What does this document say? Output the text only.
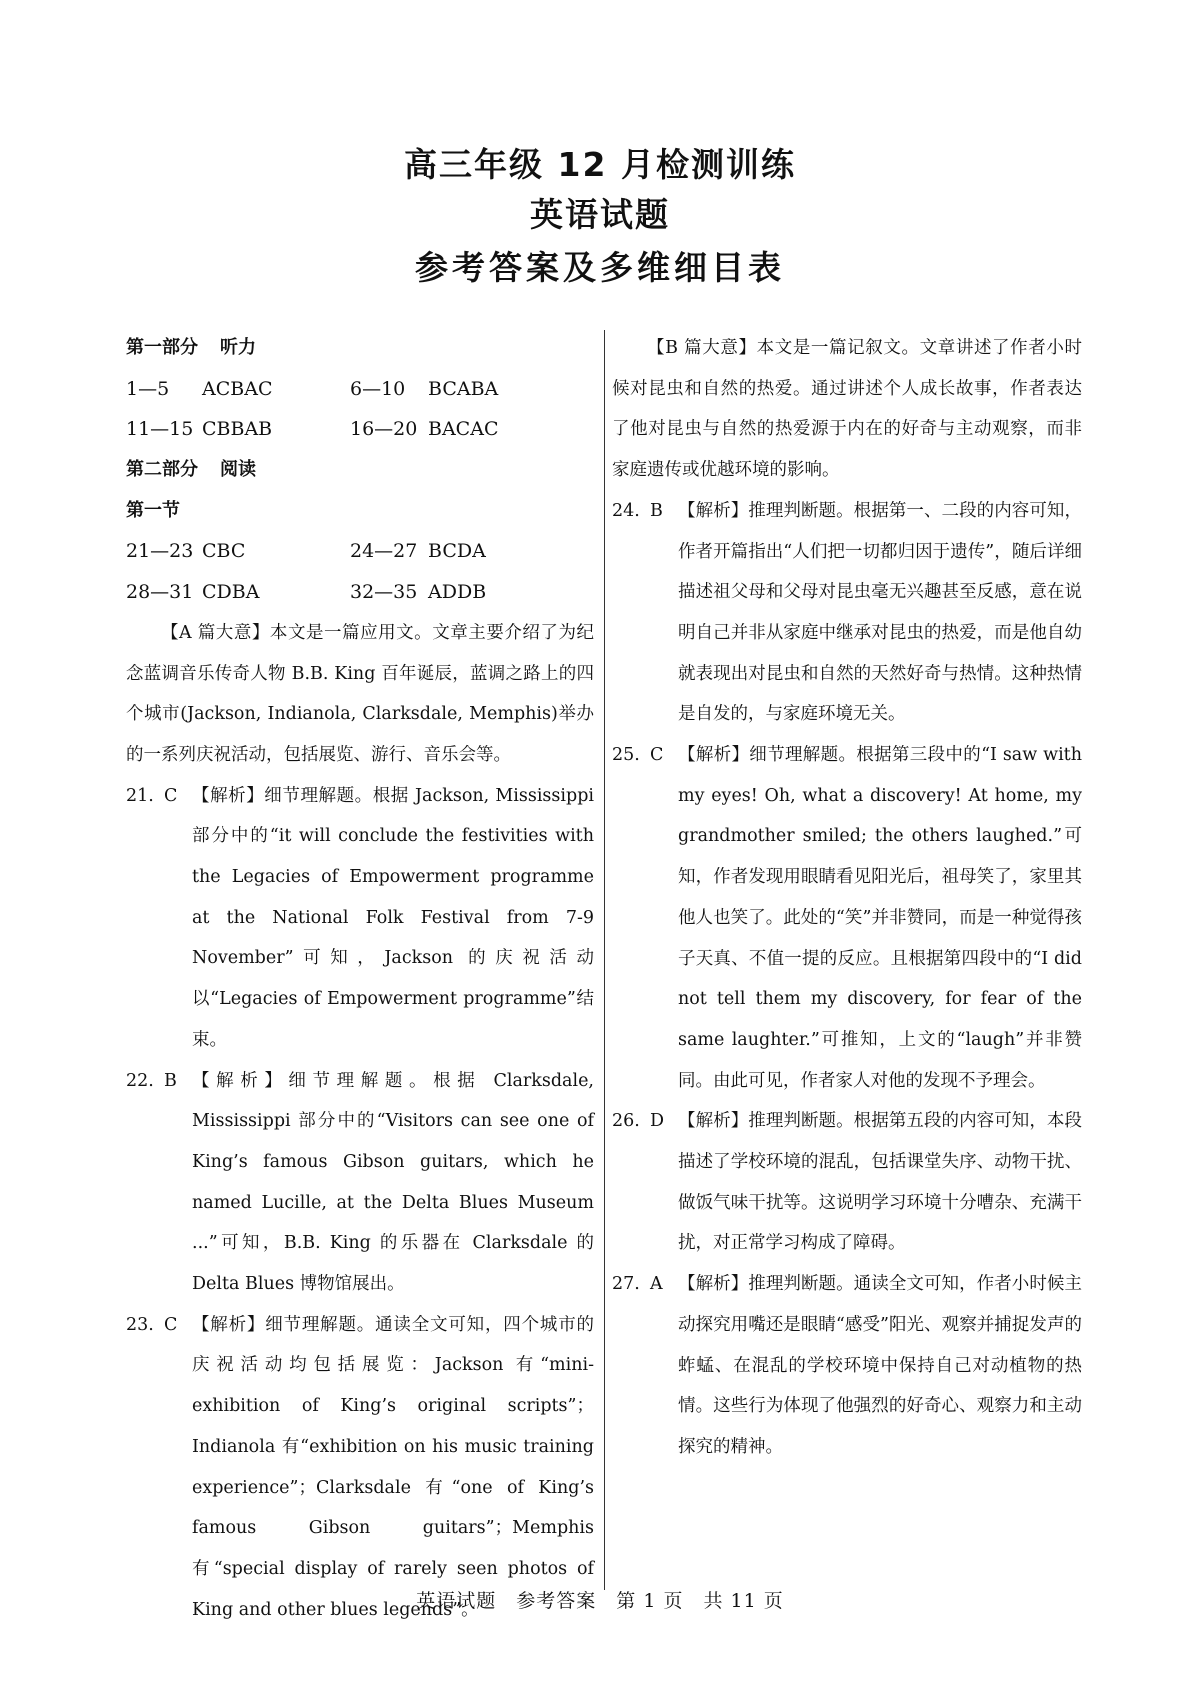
高三年级 12 月检测训练
英语试题
参考答案及多维细目表
第一部分 听力
1—5 ACBAC	6—10 BCABA
11—15 CBBAB	16—20 BACAC
第二部分 阅读
第一节
21—23 CBC	24—27 BCDA
28—31 CDBA	32—35 ADDB

【A 篇大意】本文是一篇应用文。文章主要介绍了为纪念蓝调音乐传奇人物 B.B. King 百年诞辰，蓝调之路上的四个城市(Jackson, Indianola, Clarksdale, Memphis)举办的一系列庆祝活动，包括展览、游行、音乐会等。

21. C 【解析】细节理解题。根据 Jackson, Mississippi 部分中的“it will conclude the festivities with the Legacies of Empowerment programme at the National Folk Festival from 7-9 November”可知，Jackson 的庆祝活动以“Legacies of Empowerment programme”结束。

22. B 【解析】细节理解题。根据 Clarksdale, Mississippi 部分中的“Visitors can see one of King’s famous Gibson guitars, which he named Lucille, at the Delta Blues Museum ...”可知，B.B. King 的乐器在 Clarksdale 的 Delta Blues 博物馆展出。

23. C 【解析】细节理解题。通读全文可知，四个城市的庆祝活动均包括展览：Jackson 有“mini-exhibition of King’s original scripts”；Indianola 有“exhibition on his music training experience”；Clarksdale 有“one of King’s famous Gibson guitars”；Memphis 有“special display of rarely seen photos of King and other blues legends”。

【B 篇大意】本文是一篇记叙文。文章讲述了作者小时候对昆虫和自然的热爱。通过讲述个人成长故事，作者表达了他对昆虫与自然的热爱源于内在的好奇与主动观察，而非家庭遗传或优越环境的影响。

24. B 【解析】推理判断题。根据第一、二段的内容可知，作者开篇指出“人们把一切都归因于遗传”，随后详细描述祖父母和父母对昆虫毫无兴趣甚至反感，意在说明自己并非从家庭中继承对昆虫的热爱，而是他自幼就表现出对昆虫和自然的天然好奇与热情。这种热情是自发的，与家庭环境无关。

25. C 【解析】细节理解题。根据第三段中的“I saw with my eyes! Oh, what a discovery! At home, my grandmother smiled; the others laughed.”可知，作者发现用眼睛看见阳光后，祖母笑了，家里其他人也笑了。此处的“笑”并非赞同，而是一种觉得孩子天真、不值一提的反应。且根据第四段中的“I did not tell them my discovery, for fear of the same laughter.”可推知，上文的“laugh”并非赞同。由此可见，作者家人对他的发现不予理会。

26. D 【解析】推理判断题。根据第五段的内容可知，本段描述了学校环境的混乱，包括课堂失序、动物干扰、做饭气味干扰等。这说明学习环境十分嘈杂、充满干扰，对正常学习构成了障碍。

27. A 【解析】推理判断题。通读全文可知，作者小时候主动探究用嘴还是眼睛“感受”阳光、观察并捕捉发声的蚱蜢、在混乱的学校环境中保持自己对动植物的热情。这些行为体现了他强烈的好奇心、观察力和主动探究的精神。

英语试题　参考答案　第 1 页　共 11 页
